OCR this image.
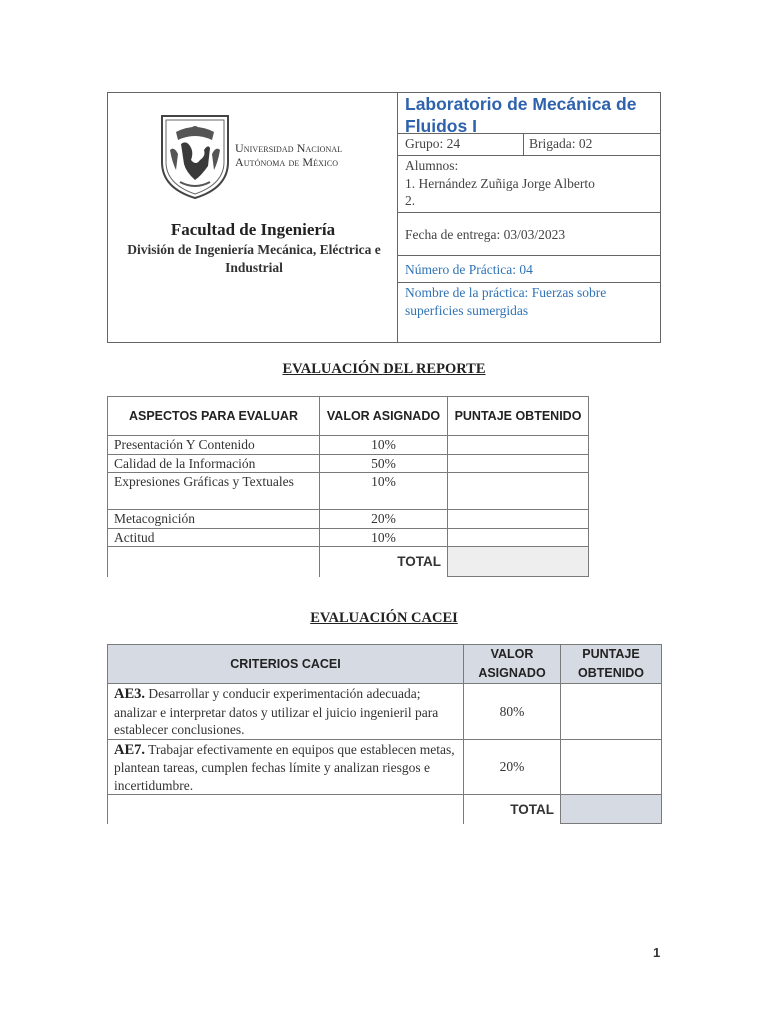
Universidad Nacional
Autónoma de México
Facultad de Ingeniería
División de Ingeniería Mecánica, Eléctrica e Industrial
Laboratorio de Mecánica de Fluidos I
Grupo: 24	Brigada: 02
Alumnos:
1. Hernández Zuñiga Jorge Alberto
2.
Fecha de entrega: 03/03/2023
Número de Práctica: 04
Nombre de la práctica: Fuerzas sobre superficies sumergidas
EVALUACIÓN DEL REPORTE
ASPECTOS PARA EVALUAR	VALOR ASIGNADO	PUNTAJE OBTENIDO
Presentación Y Contenido	10%	
Calidad de la Información	50%	
Expresiones Gráficas y Textuales	10%	
Metacognición	20%	
Actitud	10%	
	TOTAL	
EVALUACIÓN CACEI
CRITERIOS CACEI	VALOR ASIGNADO	PUNTAJE OBTENIDO
AE3. Desarrollar y conducir experimentación adecuada; analizar e interpretar datos y utilizar el juicio ingenieril para establecer conclusiones.	80%	
AE7. Trabajar efectivamente en equipos que establecen metas, plantean tareas, cumplen fechas límite y analizan riesgos e incertidumbre.	20%	
	TOTAL	
1
